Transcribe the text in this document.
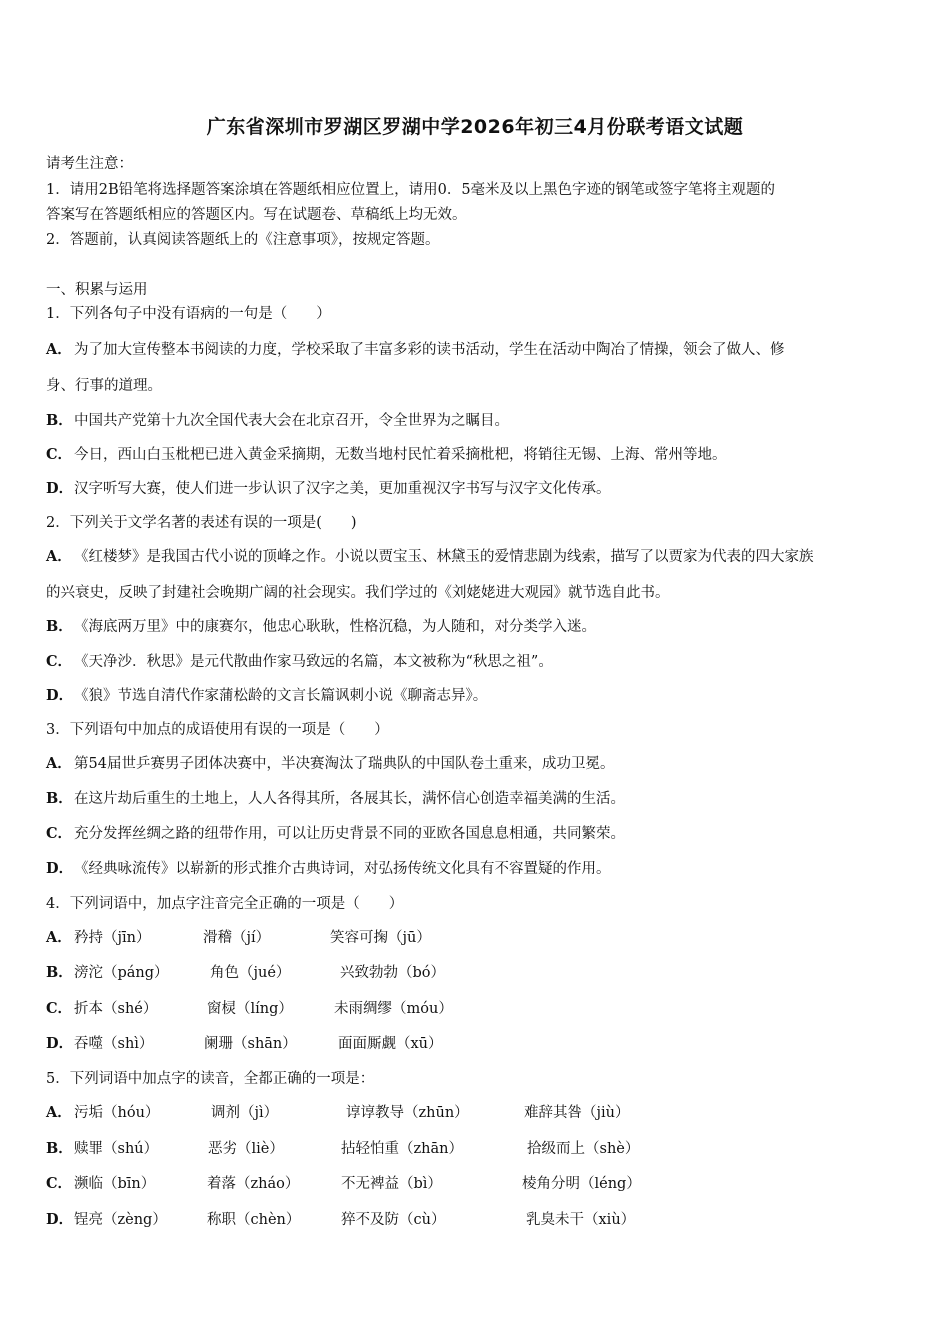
广东省深圳市罗湖区罗湖中学2026年初三4月份联考语文试题
请考生注意：
1．请用2B铅笔将选择题答案涂填在答题纸相应位置上，请用0．5毫米及以上黑色字迹的钢笔或签字笔将主观题的
答案写在答题纸相应的答题区内。写在试题卷、草稿纸上均无效。
2．答题前，认真阅读答题纸上的《注意事项》，按规定答题。
一、积累与运用
1．下列各句子中没有语病的一句是（　　）
A． 为了加大宣传整本书阅读的力度，学校采取了丰富多彩的读书活动，学生在活动中陶冶了情操，领会了做人、修
身、行事的道理。
B．中国共产党第十九次全国代表大会在北京召开，令全世界为之瞩目。
C． 今日，西山白玉枇杷已进入黄金采摘期，无数当地村民忙着采摘枇杷，将销往无锡、上海、常州等地。
D．汉字听写大赛，使人们进一步认识了汉字之美，更加重视汉字书写与汉字文化传承。
2．下列关于文学名著的表述有误的一项是(　　)
A． 《红楼梦》是我国古代小说的顶峰之作。小说以贾宝玉、林黛玉的爱情悲剧为线索，描写了以贾家为代表的四大家族
的兴衰史，反映了封建社会晚期广阔的社会现实。我们学过的《刘姥姥进大观园》就节选自此书。
B．《海底两万里》中的康赛尔，他忠心耿耿，性格沉稳，为人随和，对分类学入迷。
C． 《天净沙．秋思》是元代散曲作家马致远的名篇，本文被称为“秋思之祖”。
D．《狼》节选自清代作家蒲松龄的文言长篇讽刺小说《聊斋志异》。
3．下列语句中加点的成语使用有误的一项是（　　）
A． 第54届世乒赛男子团体决赛中，半决赛淘汰了瑞典队的中国队卷土重来，成功卫冕。
B．在这片劫后重生的土地上，人人各得其所，各展其长，满怀信心创造幸福美满的生活。
C． 充分发挥丝绸之路的纽带作用，可以让历史背景不同的亚欧各国息息相通，共同繁荣。
D．《经典咏流传》以崭新的形式推介古典诗词，对弘扬传统文化具有不容置疑的作用。
4．下列词语中，加点字注音完全正确的一项是（　　）
A． 矜持（jīn）	滑稽（jí）	笑容可掬（jū）
B． 滂沱（páng）	角色（jué）	兴致勃勃（bó）
C． 折本（shé）	窗棂（líng）	未雨绸缪（móu）
D． 吞噬（shì）	阑珊（shān）	面面厮觑（xū）
5．下列词语中加点字的读音，全都正确的一项是：
A． 污垢（hóu）	调剂（jì）	谆谆教导（zhūn）	难辞其咎（jiù）
B． 赎罪（shú）	恶劣（liè）	拈轻怕重（zhān）	拾级而上（shè）
C． 濒临（bīn）	着落（zháo）	不无裨益（bì）	棱角分明（léng）
D． 锃亮（zèng）	称职（chèn）	猝不及防（cù）	乳臭未干（xiù）
